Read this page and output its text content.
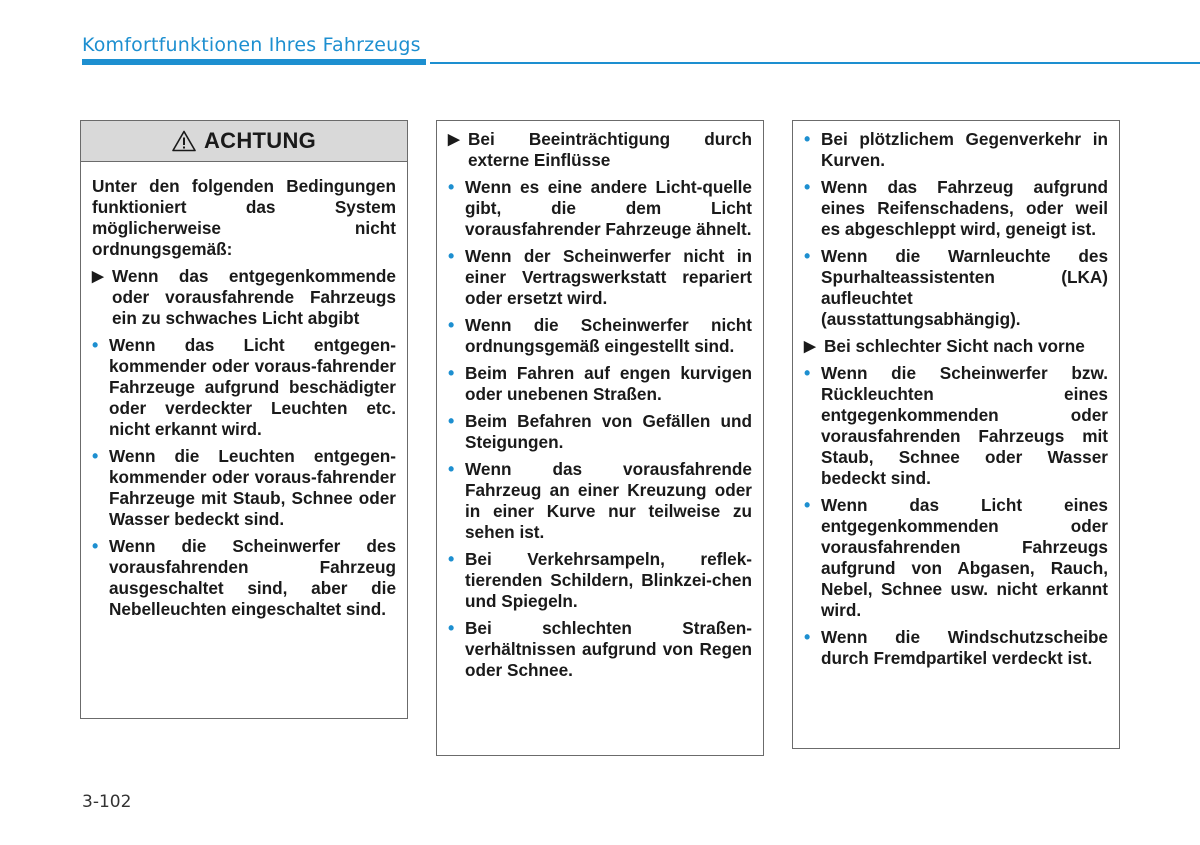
Komfortfunktionen Ihres Fahrzeugs
ACHTUNG
Unter den folgenden Bedingungen funktioniert das System möglicherweise nicht ordnungsgemäß:
▶ Wenn das entgegenkommende oder vorausfahrende Fahrzeugs ein zu schwaches Licht abgibt
• Wenn das Licht entgegen-kommender oder voraus-fahrender Fahrzeuge aufgrund beschädigter oder verdeckter Leuchten etc. nicht erkannt wird.
• Wenn die Leuchten entgegen-kommender oder voraus-fahrender Fahrzeuge mit Staub, Schnee oder Wasser bedeckt sind.
• Wenn die Scheinwerfer des vorausfahrenden Fahrzeug ausgeschaltet sind, aber die Nebelleuchten eingeschaltet sind.
▶ Bei Beeinträchtigung durch externe Einflüsse
• Wenn es eine andere Licht-quelle gibt, die dem Licht vorausfahrender Fahrzeuge ähnelt.
• Wenn der Scheinwerfer nicht in einer Vertragswerkstatt repariert oder ersetzt wird.
• Wenn die Scheinwerfer nicht ordnungsgemäß eingestellt sind.
• Beim Fahren auf engen kurvigen oder unebenen Straßen.
• Beim Befahren von Gefällen und Steigungen.
• Wenn das vorausfahrende Fahrzeug an einer Kreuzung oder in einer Kurve nur teilweise zu sehen ist.
• Bei Verkehrsampeln, reflek-tierenden Schildern, Blinkzei-chen und Spiegeln.
• Bei schlechten Straßen-verhältnissen aufgrund von Regen oder Schnee.
• Bei plötzlichem Gegenverkehr in Kurven.
• Wenn das Fahrzeug aufgrund eines Reifenschadens, oder weil es abgeschleppt wird, geneigt ist.
• Wenn die Warnleuchte des Spurhalteassistenten (LKA) aufleuchtet (ausstattungsabhängig).
▶ Bei schlechter Sicht nach vorne
• Wenn die Scheinwerfer bzw. Rückleuchten eines entgegenkommenden oder vorausfahrenden Fahrzeugs mit Staub, Schnee oder Wasser bedeckt sind.
• Wenn das Licht eines entgegenkommenden oder vorausfahrenden Fahrzeugs aufgrund von Abgasen, Rauch, Nebel, Schnee usw. nicht erkannt wird.
• Wenn die Windschutzscheibe durch Fremdpartikel verdeckt ist.
3-102
